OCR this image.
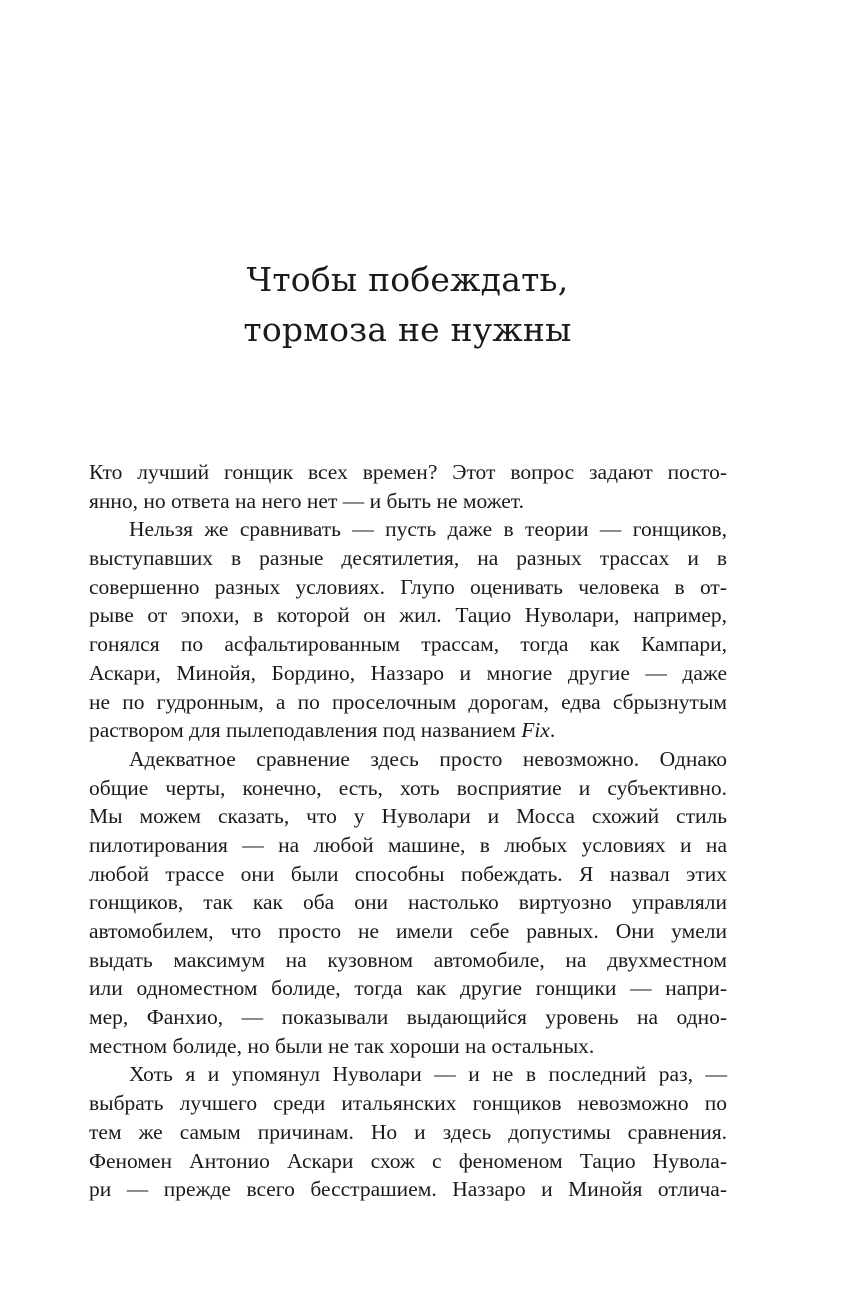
Чтобы побеждать,
тормоза не нужны
Кто лучший гонщик всех времен? Этот вопрос задают посто-
янно, но ответа на него нет — и быть не может.
Нельзя же сравнивать — пусть даже в теории — гонщиков,
выступавших в разные десятилетия, на разных трассах и в
совершенно разных условиях. Глупо оценивать человека в от-
рыве от эпохи, в которой он жил. Тацио Нуволари, например,
гонялся по асфальтированным трассам, тогда как Кампари,
Аскари, Минойя, Бордино, Наззаро и многие другие — даже
не по гудронным, а по проселочным дорогам, едва сбрызнутым
раствором для пылеподавления под названием Fix.
Адекватное сравнение здесь просто невозможно. Однако
общие черты, конечно, есть, хоть восприятие и субъективно.
Мы можем сказать, что у Нуволари и Мосса схожий стиль
пилотирования — на любой машине, в любых условиях и на
любой трассе они были способны побеждать. Я назвал этих
гонщиков, так как оба они настолько виртуозно управляли
автомобилем, что просто не имели себе равных. Они умели
выдать максимум на кузовном автомобиле, на двухместном
или одноместном болиде, тогда как другие гонщики — напри-
мер, Фанхио, — показывали выдающийся уровень на одно-
местном болиде, но были не так хороши на остальных.
Хоть я и упомянул Нуволари — и не в последний раз, —
выбрать лучшего среди итальянских гонщиков невозможно по
тем же самым причинам. Но и здесь допустимы сравнения.
Феномен Антонио Аскари схож с феноменом Тацио Нувола-
ри — прежде всего бесстрашием. Наззаро и Минойя отлича-
